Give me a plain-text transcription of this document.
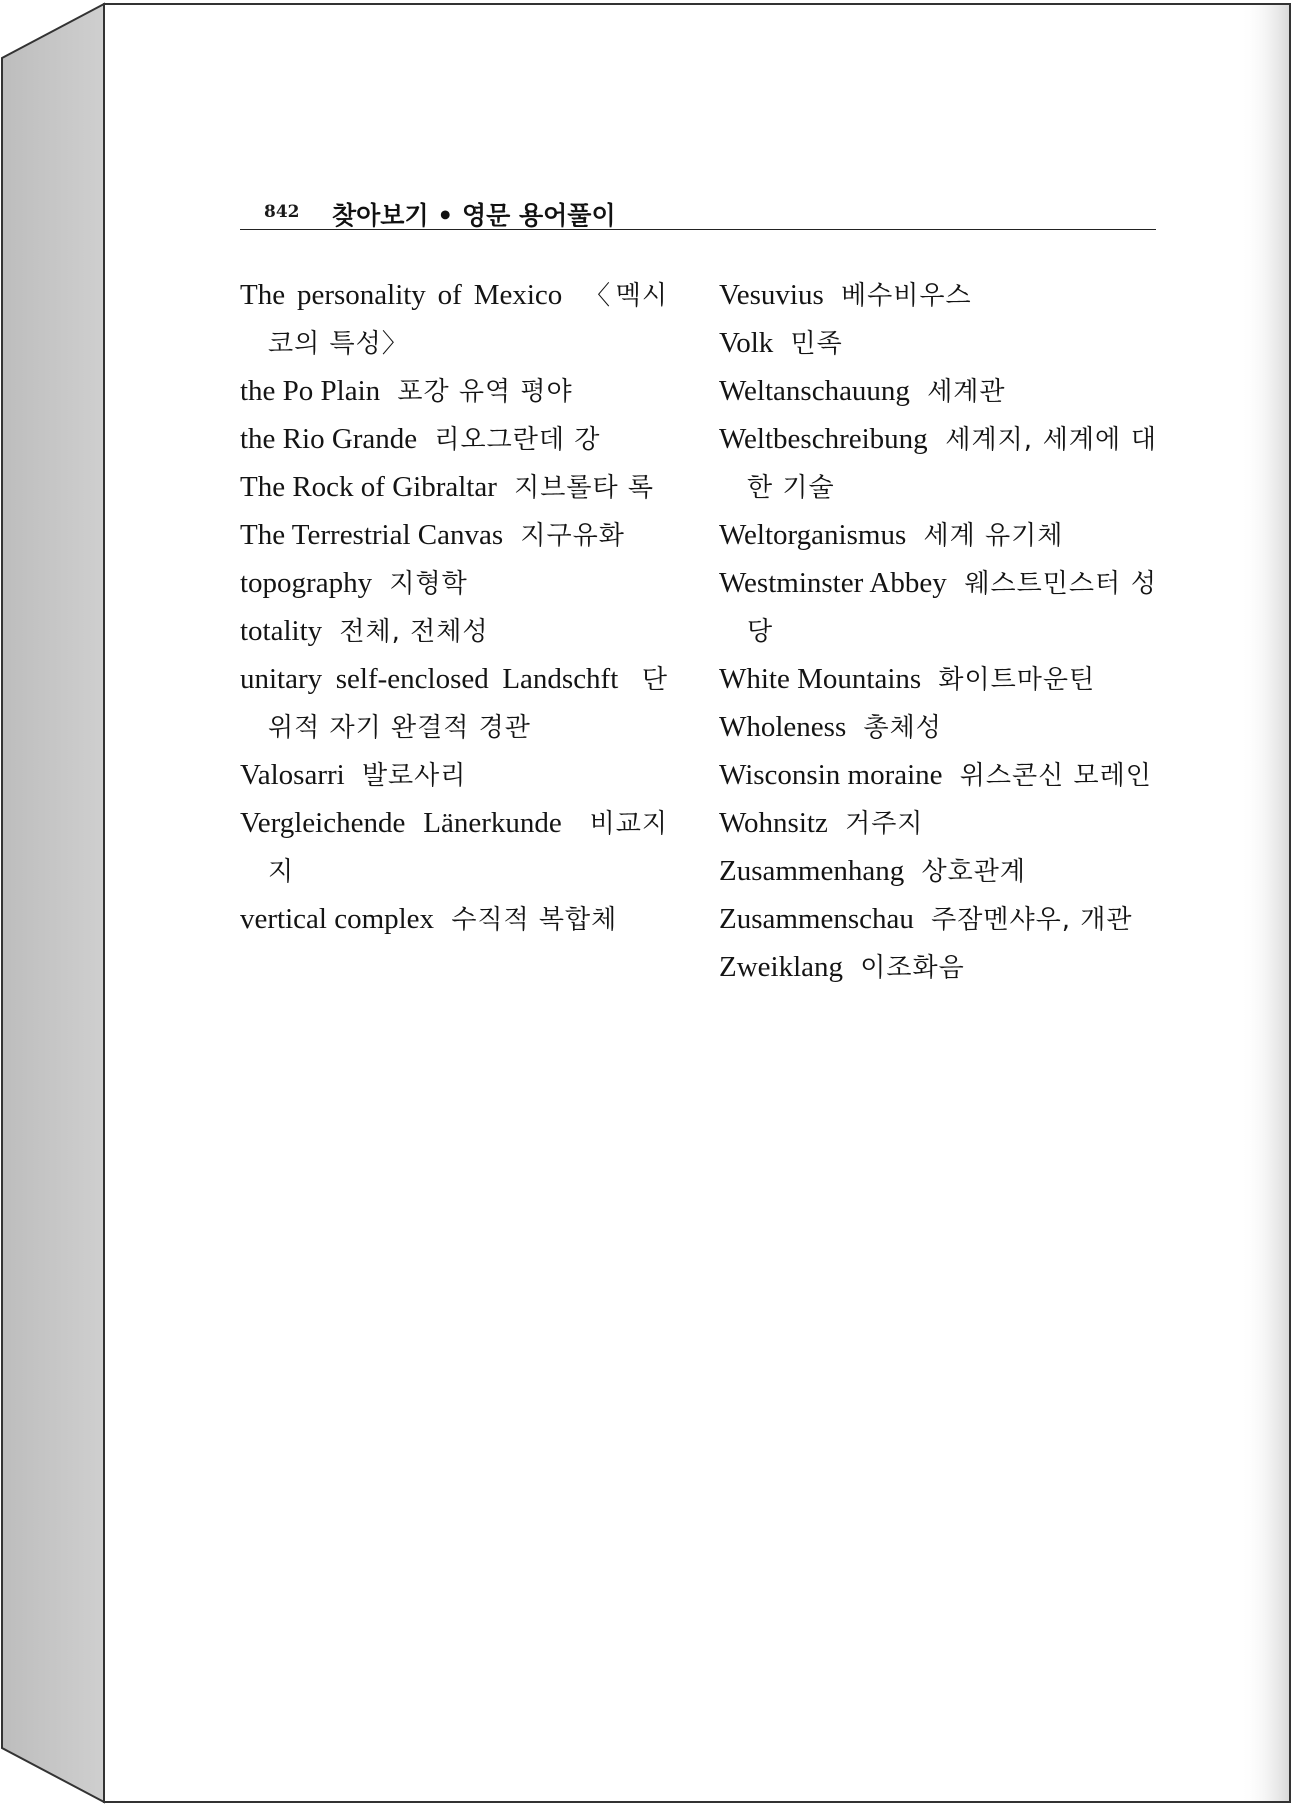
842 찾아보기 • 영문 용어풀이

The personality of Mexico 〈멕시코의 특성〉

the Po Plain 포강 유역 평야

the Rio Grande 리오그란데 강

The Rock of Gibraltar 지브롤타 록

The Terrestrial Canvas 지구유화

topography 지형학

totality 전체, 전체성

unitary self-enclosed Landschft 단위적 자기 완결적 경관

Valosarri 발로사리

Vergleichende Länerkunde 비교지지

vertical complex 수직적 복합체

Vesuvius 베수비우스

Volk 민족

Weltanschauung 세계관

Weltbeschreibung 세계지, 세계에 대한 기술

Weltorganismus 세계 유기체

Westminster Abbey 웨스트민스터 성당

White Mountains 화이트마운틴

Wholeness 총체성

Wisconsin moraine 위스콘신 모레인

Wohnsitz 거주지

Zusammenhang 상호관계

Zusammenschau 주잠멘샤우, 개관

Zweiklang 이조화음
